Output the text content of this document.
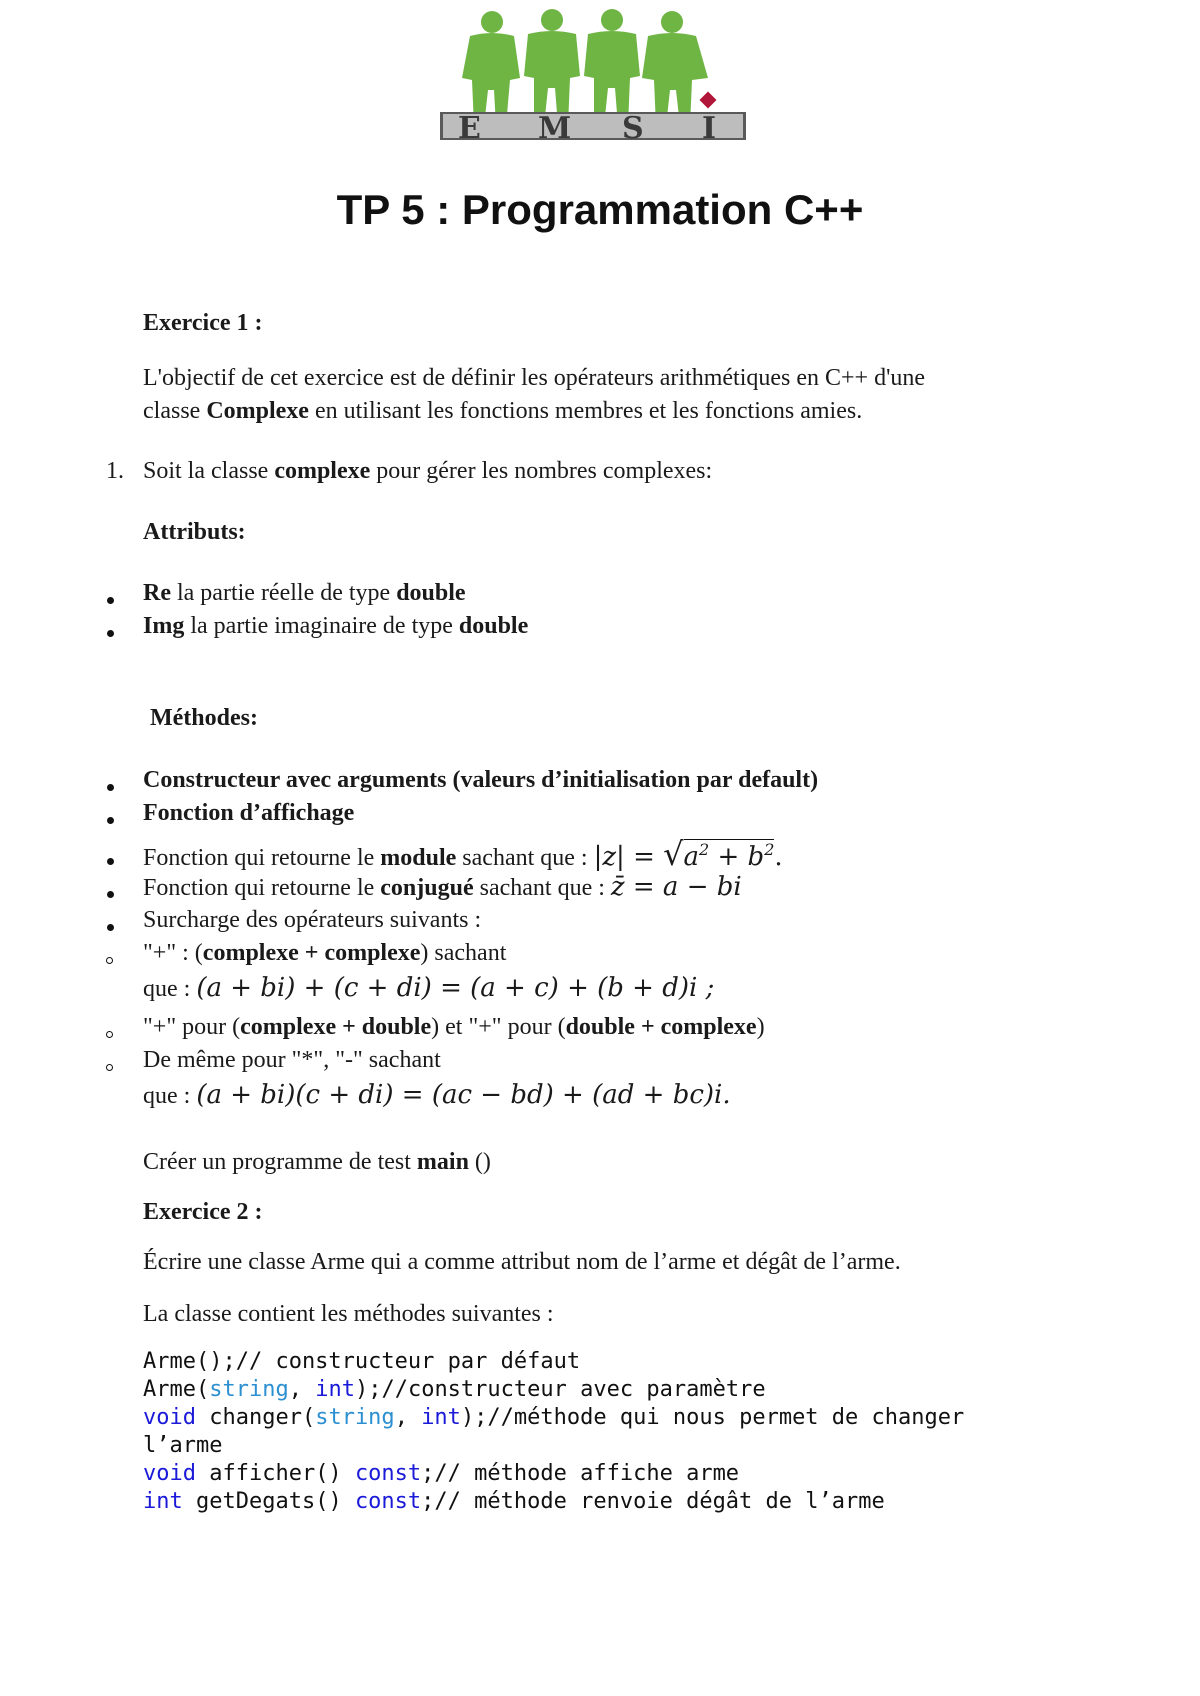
E M S I
TP 5 : Programmation C++
Exercice 1 :
L'objectif de cet exercice est de définir les opérateurs arithmétiques en C++ d'une
classe Complexe en utilisant les fonctions membres et les fonctions amies.
1. Soit la classe complexe pour gérer les nombres complexes:
Attributs:
Re la partie réelle de type double
Img la partie imaginaire de type double
Méthodes:
Constructeur avec arguments (valeurs d’initialisation par default)
Fonction d’affichage
Fonction qui retourne le module sachant que : $|z| = √a^2 + b^2$.
Fonction qui retourne le conjugué sachant que : z̄ = a − bi
Surcharge des opérateurs suivants :
"+" : (complexe + complexe) sachant
que : (a + bi) + (c + di) = (a + c) + (b + d)i ;
"+" pour (complexe + double) et "+" pour (double + complexe)
De même pour "*", "-" sachant
que : (a + bi)(c + di) = (ac − bd) + (ad + bc)i.
Créer un programme de test main ()
Exercice 2 :
Écrire une classe Arme qui a comme attribut nom de l’arme et dégât de l’arme.
La classe contient les méthodes suivantes :
Arme();// constructeur par défaut
Arme(string, int);//constructeur avec paramètre
void changer(string, int);//méthode qui nous permet de changer
l’arme
void afficher() const;// méthode affiche arme
int getDegats() const;// méthode renvoie dégât de l’arme
